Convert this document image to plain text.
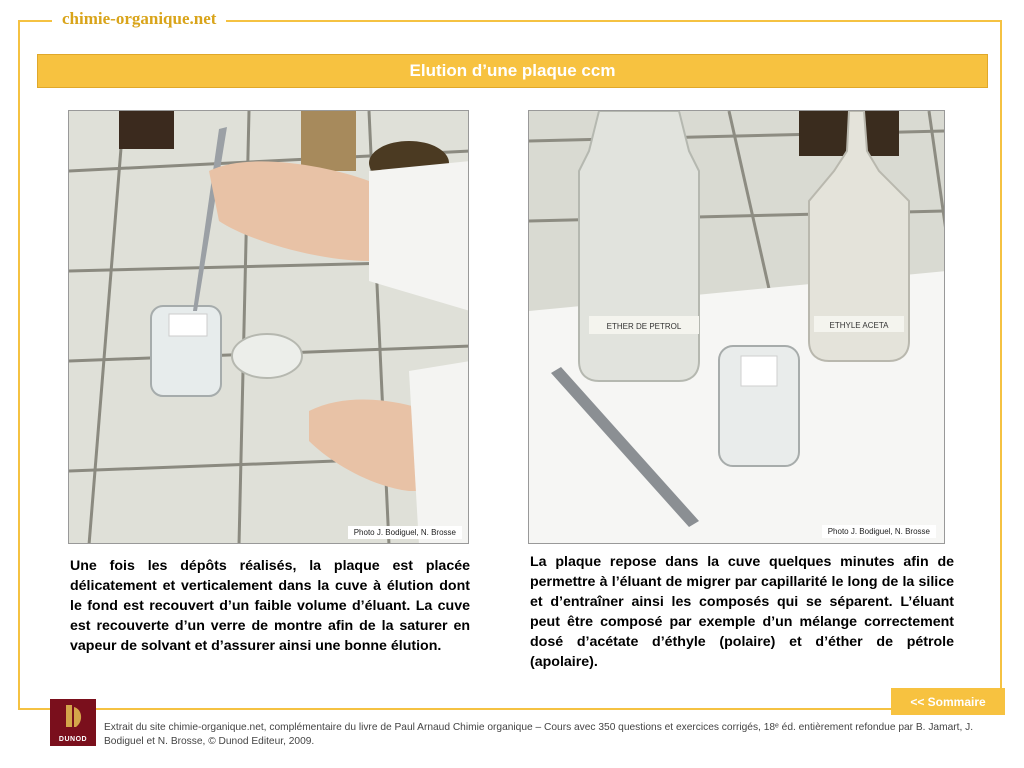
chimie-organique.net
Elution d’une plaque ccm
Photo J. Bodiguel, N. Brosse
ETHER DE PETROL	ETHYLE ACETA
Photo J. Bodiguel, N. Brosse
Une fois les dépôts réalisés, la plaque est placée délicatement et verticalement dans la cuve à élution dont le fond est recouvert d’un faible volume d’éluant. La cuve est recouverte d’un verre de montre afin de la saturer en vapeur de solvant et d’assurer ainsi une bonne élution.
La plaque repose dans la cuve quelques minutes afin de permettre à l’éluant de migrer par capillarité le long de la silice et d’entraîner ainsi les composés qui se séparent. L’éluant peut être composé par exemple d’un mélange correctement dosé d’acétate d’éthyle (polaire) et d’éther de pétrole (apolaire).
<< Sommaire
DUNOD
Extrait du site chimie-organique.net, complémentaire du livre de Paul Arnaud Chimie organique – Cours avec 350 questions et exercices corrigés, 18ᵉ éd. entièrement refondue par B. Jamart, J. Bodiguel et N. Brosse, © Dunod Editeur, 2009.
